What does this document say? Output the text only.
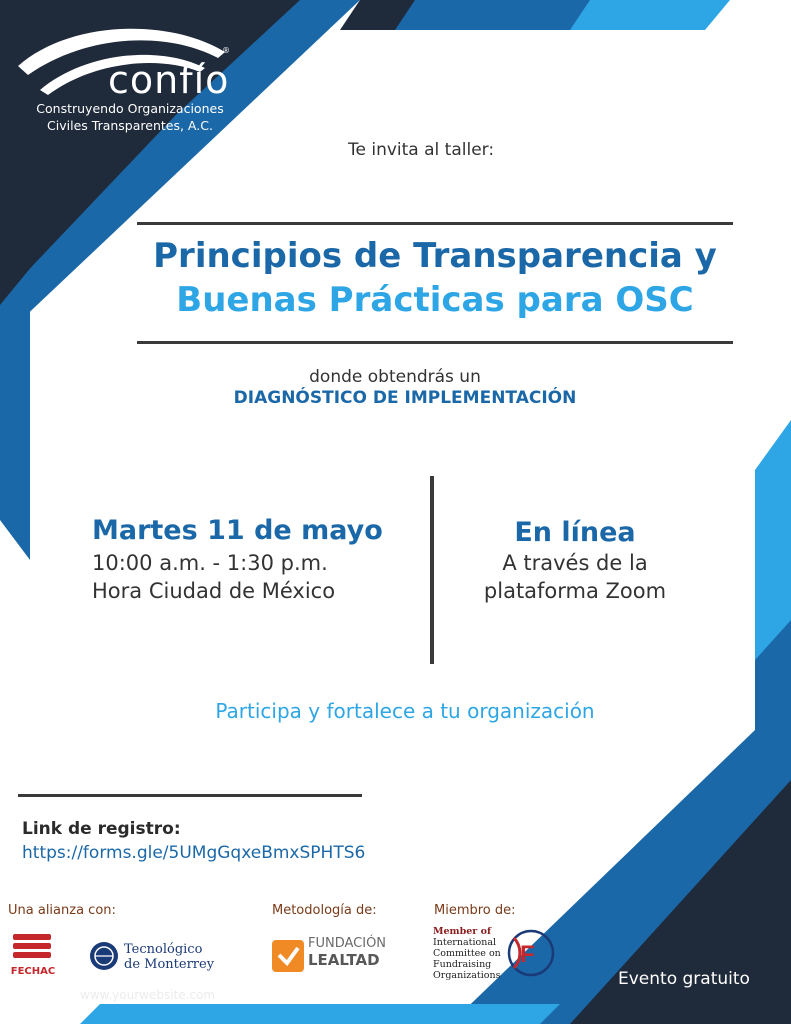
F
confío
®
Construyendo Organizaciones
Civiles Transparentes, A.C.
Te invita al taller:
Principios de Transparencia y
Buenas Prácticas para OSC
donde obtendrás un
DIAGNÓSTICO DE IMPLEMENTACIÓN
Martes 11 de mayo
10:00 a.m. - 1:30 p.m.
Hora Ciudad de México
En línea
A través de la
plataforma Zoom
Participa y fortalece a tu organización
Link de registro:
https://forms.gle/5UMgGqxeBmxSPHTS6
Una alianza con:	Metodología de:	Miembro de:
FECHAC
Tecnológico
de Monterrey
FUNDACIÓN
LEALTAD
Member of
International
Committee on
Fundraising
Organizations
www.yourwebsite.com
Evento gratuito
